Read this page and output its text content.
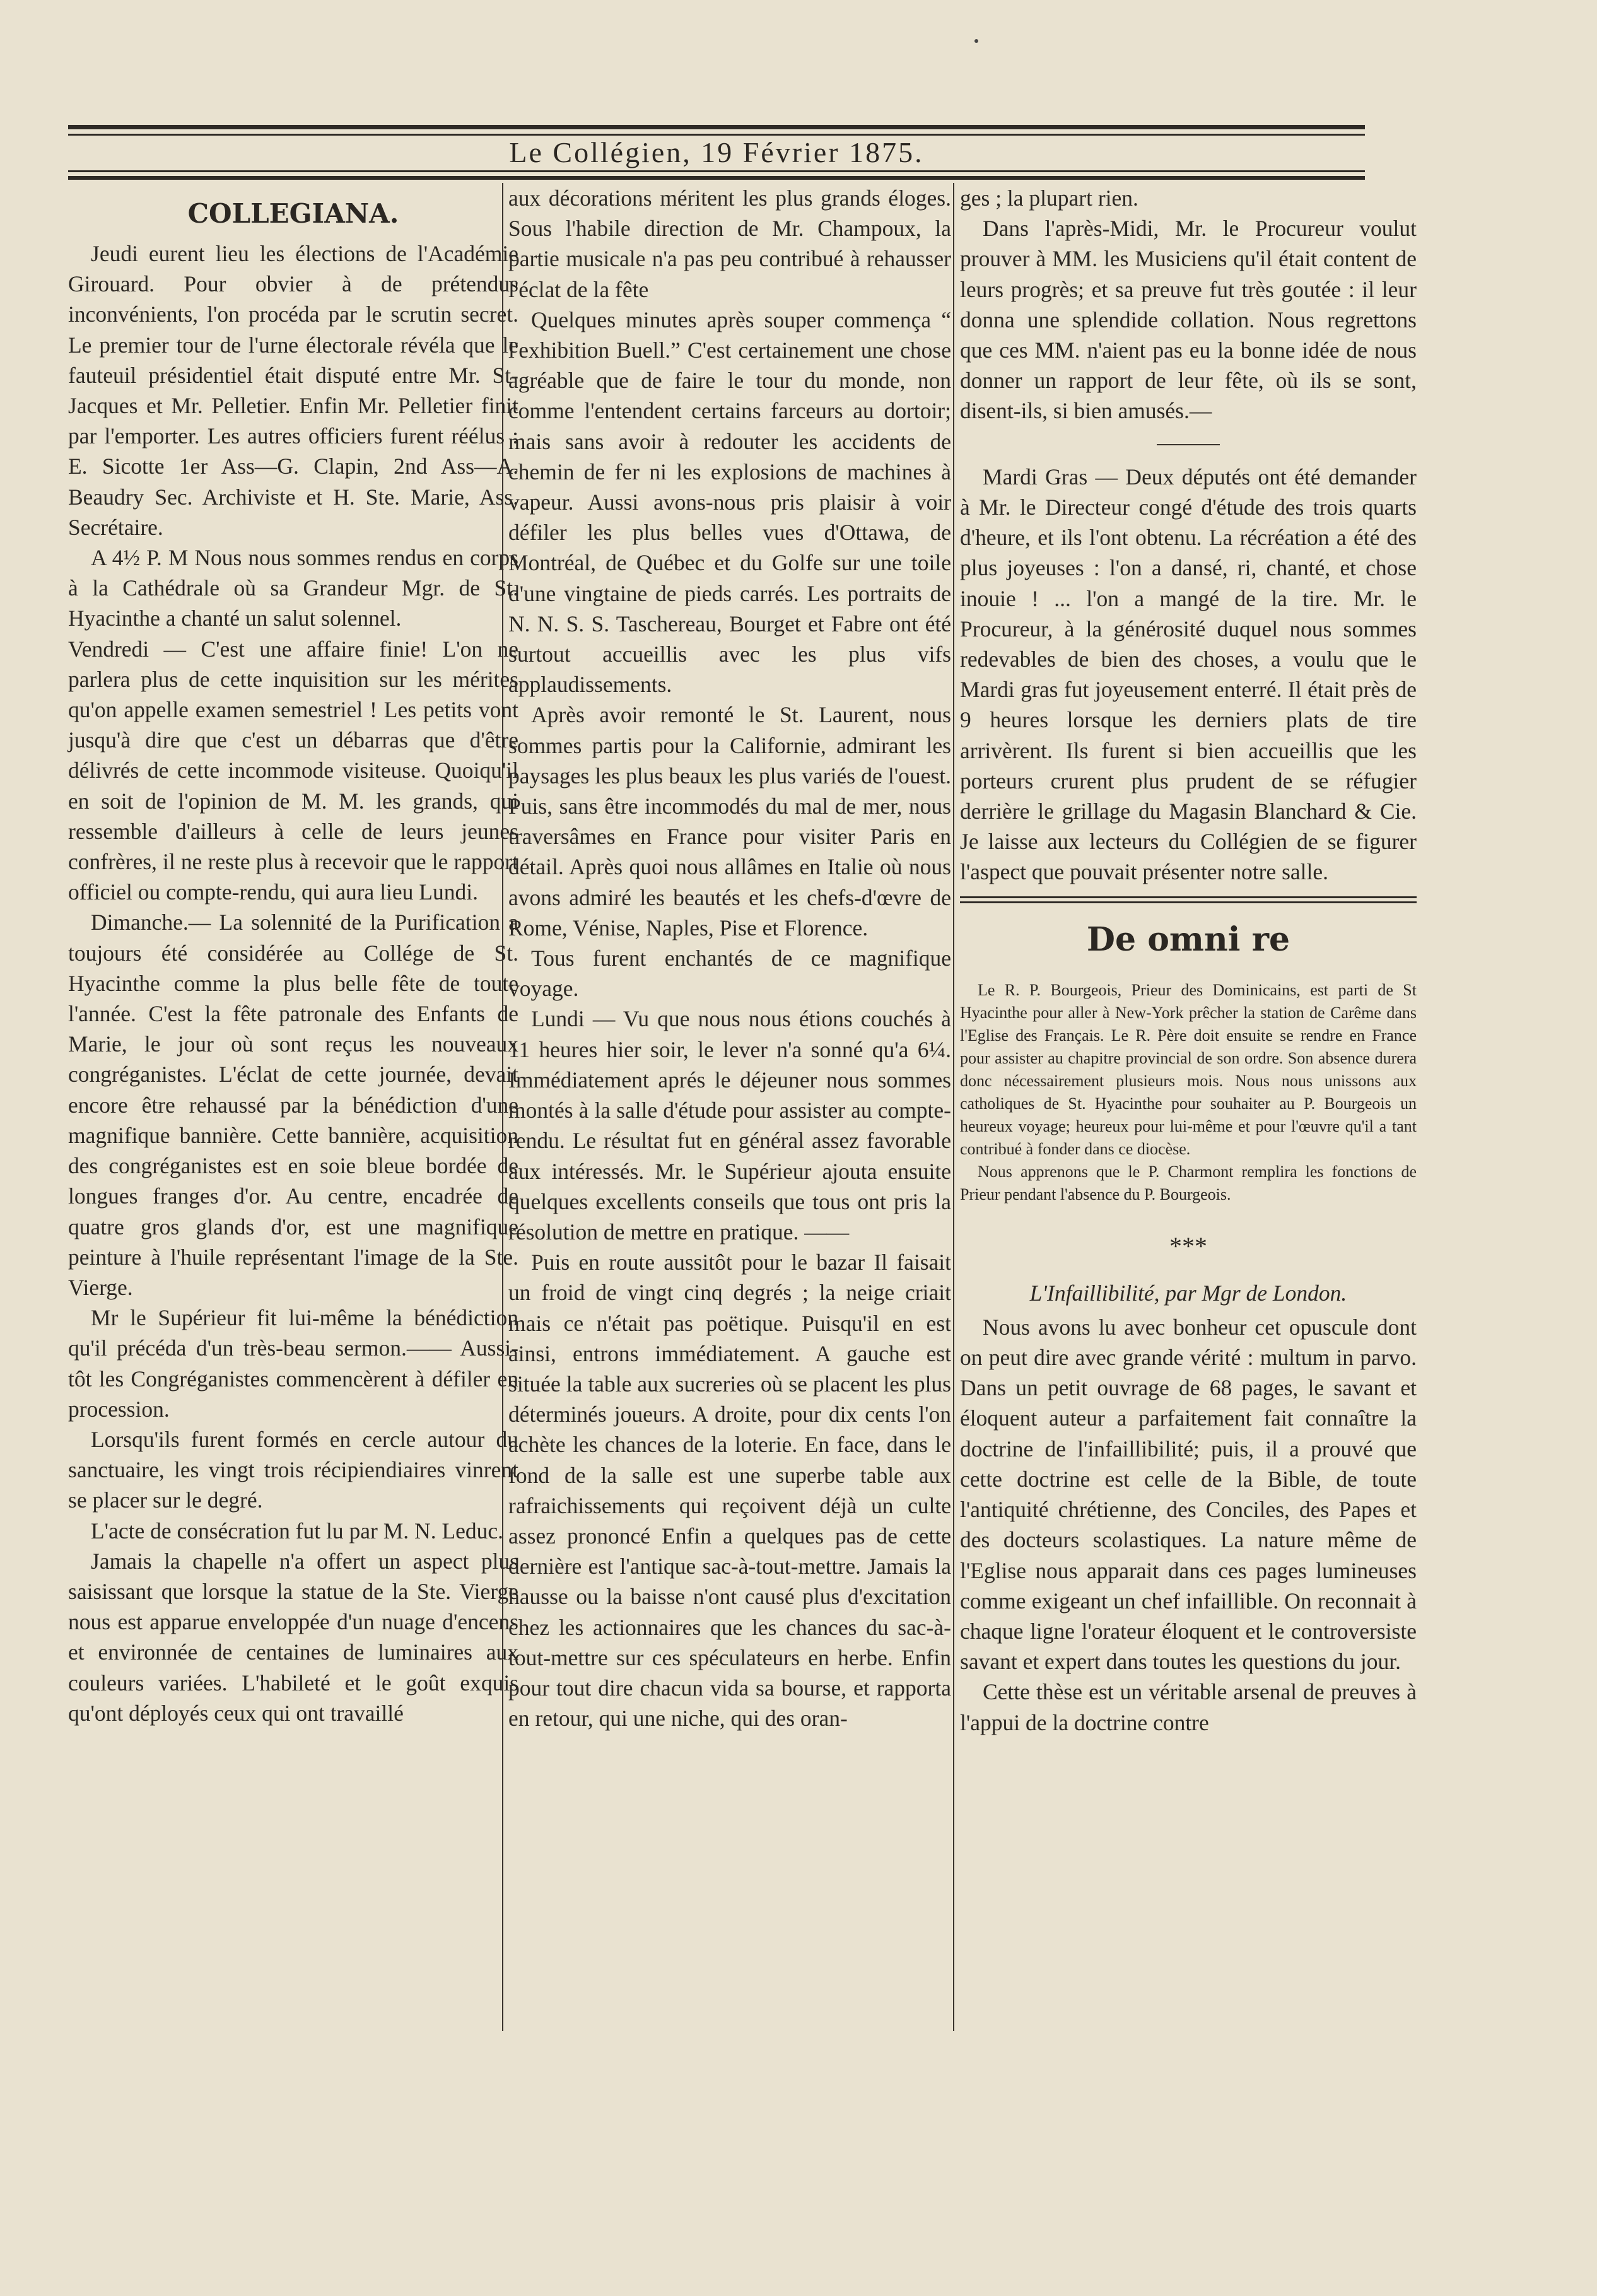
Le Collégien, 19 Février 1875.
COLLEGIANA.

Jeudi eurent lieu les élections de l'Académie Girouard. Pour obvier à de prétendus inconvénients, l'on procéda par le scrutin secret. Le premier tour de l'urne électorale révéla que le fauteuil présidentiel était disputé entre Mr. St-Jacques et Mr. Pelletier. Enfin Mr. Pelletier finit par l'emporter. Les autres officiers furent réélus : E. Sicotte 1er Ass—G. Clapin, 2nd Ass—A. Beaudry Sec. Archiviste et H. Ste. Marie, Ass. Secrétaire.

A 4½ P. M Nous nous sommes rendus en corps à la Cathédrale où sa Grandeur Mgr. de St. Hyacinthe a chanté un salut solennel.

Vendredi — C'est une affaire finie! L'on ne parlera plus de cette inquisition sur les mérites qu'on appelle examen semestriel ! Les petits vont jusqu'à dire que c'est un débarras que d'être délivrés de cette incommode visiteuse. Quoiqu'il en soit de l'opinion de M. M. les grands, qui ressemble d'ailleurs à celle de leurs jeunes confrères, il ne reste plus à recevoir que le rapport officiel ou compte-rendu, qui aura lieu Lundi.

Dimanche.— La solennité de la Purification a toujours été considérée au Collége de St. Hyacinthe comme la plus belle fête de toute l'année. C'est la fête patronale des Enfants de Marie, le jour où sont reçus les nouveaux congréganistes. L'éclat de cette journée, devait encore être rehaussé par la bénédiction d'une magnifique bannière. Cette bannière, acquisition des congréganistes est en soie bleue bordée de longues franges d'or. Au centre, encadrée de quatre gros glands d'or, est une magnifique peinture à l'huile représentant l'image de la Ste. Vierge.

Mr le Supérieur fit lui-même la bénédiction qu'il précéda d'un très-beau sermon.—— Aussi-tôt les Congréganistes commencèrent à défiler en procession.

Lorsqu'ils furent formés en cercle autour du sanctuaire, les vingt trois récipiendiaires vinrent se placer sur le degré.

L'acte de consécration fut lu par M. N. Leduc.

Jamais la chapelle n'a offert un aspect plus saisissant que lorsque la statue de la Ste. Vierge nous est apparue enveloppée d'un nuage d'encens et environnée de centaines de luminaires aux couleurs variées. L'habileté et le goût exquis qu'ont déployés ceux qui ont travaillé

aux décorations méritent les plus grands éloges. Sous l'habile direction de Mr. Champoux, la partie musicale n'a pas peu contribué à rehausser l'éclat de la fête

Quelques minutes après souper commença “ l'exhibition Buell.” C'est certainement une chose agréable que de faire le tour du monde, non comme l'entendent certains farceurs au dortoir; mais sans avoir à redouter les accidents de chemin de fer ni les explosions de machines à vapeur. Aussi avons-nous pris plaisir à voir défiler les plus belles vues d'Ottawa, de Montréal, de Québec et du Golfe sur une toile d'une vingtaine de pieds carrés. Les portraits de N. N. S. S. Taschereau, Bourget et Fabre ont été surtout accueillis avec les plus vifs applaudissements.

Après avoir remonté le St. Laurent, nous sommes partis pour la Californie, admirant les paysages les plus beaux les plus variés de l'ouest. Puis, sans être incommodés du mal de mer, nous traversâmes en France pour visiter Paris en détail. Après quoi nous allâmes en Italie où nous avons admiré les beautés et les chefs-d'œvre de Rome, Vénise, Naples, Pise et Florence.

Tous furent enchantés de ce magnifique voyage.

Lundi — Vu que nous nous étions couchés à 11 heures hier soir, le lever n'a sonné qu'a 6¼. Immédiatement aprés le déjeuner nous sommes montés à la salle d'étude pour assister au compte-rendu. Le résultat fut en général assez favorable aux intéressés. Mr. le Supérieur ajouta ensuite quelques excellents conseils que tous ont pris la résolution de mettre en pratique. ——

Puis en route aussitôt pour le bazar Il faisait un froid de vingt cinq degrés ; la neige criait mais ce n'était pas poëtique. Puisqu'il en est ainsi, entrons immédiatement. A gauche est située la table aux sucreries où se placent les plus déterminés joueurs. A droite, pour dix cents l'on achète les chances de la loterie. En face, dans le fond de la salle est une superbe table aux rafraichissements qui reçoivent déjà un culte assez prononcé Enfin a quelques pas de cette dernière est l'antique sac-à-tout-mettre. Jamais la hausse ou la baisse n'ont causé plus d'excitation chez les actionnaires que les chances du sac-à-tout-mettre sur ces spéculateurs en herbe. Enfin pour tout dire chacun vida sa bourse, et rapporta en retour, qui une niche, qui des oran-

ges ; la plupart rien.

Dans l'après-Midi, Mr. le Procureur voulut prouver à MM. les Musiciens qu'il était content de leurs progrès; et sa preuve fut très goutée : il leur donna une splendide collation. Nous regrettons que ces MM. n'aient pas eu la bonne idée de nous donner un rapport de leur fête, où ils se sont, disent-ils, si bien amusés.—

Mardi Gras — Deux députés ont été demander à Mr. le Directeur congé d'étude des trois quarts d'heure, et ils l'ont obtenu. La récréation a été des plus joyeuses : l'on a dansé, ri, chanté, et chose inouie ! ... l'on a mangé de la tire. Mr. le Procureur, à la générosité duquel nous sommes redevables de bien des choses, a voulu que le Mardi gras fut joyeusement enterré. Il était près de 9 heures lorsque les derniers plats de tire arrivèrent. Ils furent si bien accueillis que les porteurs crurent plus prudent de se réfugier derrière le grillage du Magasin Blanchard & Cie. Je laisse aux lecteurs du Collégien de se figurer l'aspect que pouvait présenter notre salle.

De omni re

Le R. P. Bourgeois, Prieur des Dominicains, est parti de St Hyacinthe pour aller à New-York prêcher la station de Carême dans l'Eglise des Français. Le R. Père doit ensuite se rendre en France pour assister au chapitre provincial de son ordre. Son absence durera donc nécessairement plusieurs mois. Nous nous unissons aux catholiques de St. Hyacinthe pour souhaiter au P. Bourgeois un heureux voyage; heureux pour lui-même et pour l'œuvre qu'il a tant contribué à fonder dans ce diocèse.

Nous apprenons que le P. Charmont remplira les fonctions de Prieur pendant l'absence du P. Bourgeois.

*⁠*⁠*
L'Infaillibilité, par Mgr de London.

Nous avons lu avec bonheur cet opuscule dont on peut dire avec grande vérité : multum in parvo. Dans un petit ouvrage de 68 pages, le savant et éloquent auteur a parfaitement fait connaître la doctrine de l'infaillibilité; puis, il a prouvé que cette doctrine est celle de la Bible, de toute l'antiquité chrétienne, des Conciles, des Papes et des docteurs scolastiques. La nature même de l'Eglise nous apparait dans ces pages lumineuses comme exigeant un chef infaillible. On reconnait à chaque ligne l'orateur éloquent et le controversiste savant et expert dans toutes les questions du jour.

Cette thèse est un véritable arsenal de preuves à l'appui de la doctrine contre
